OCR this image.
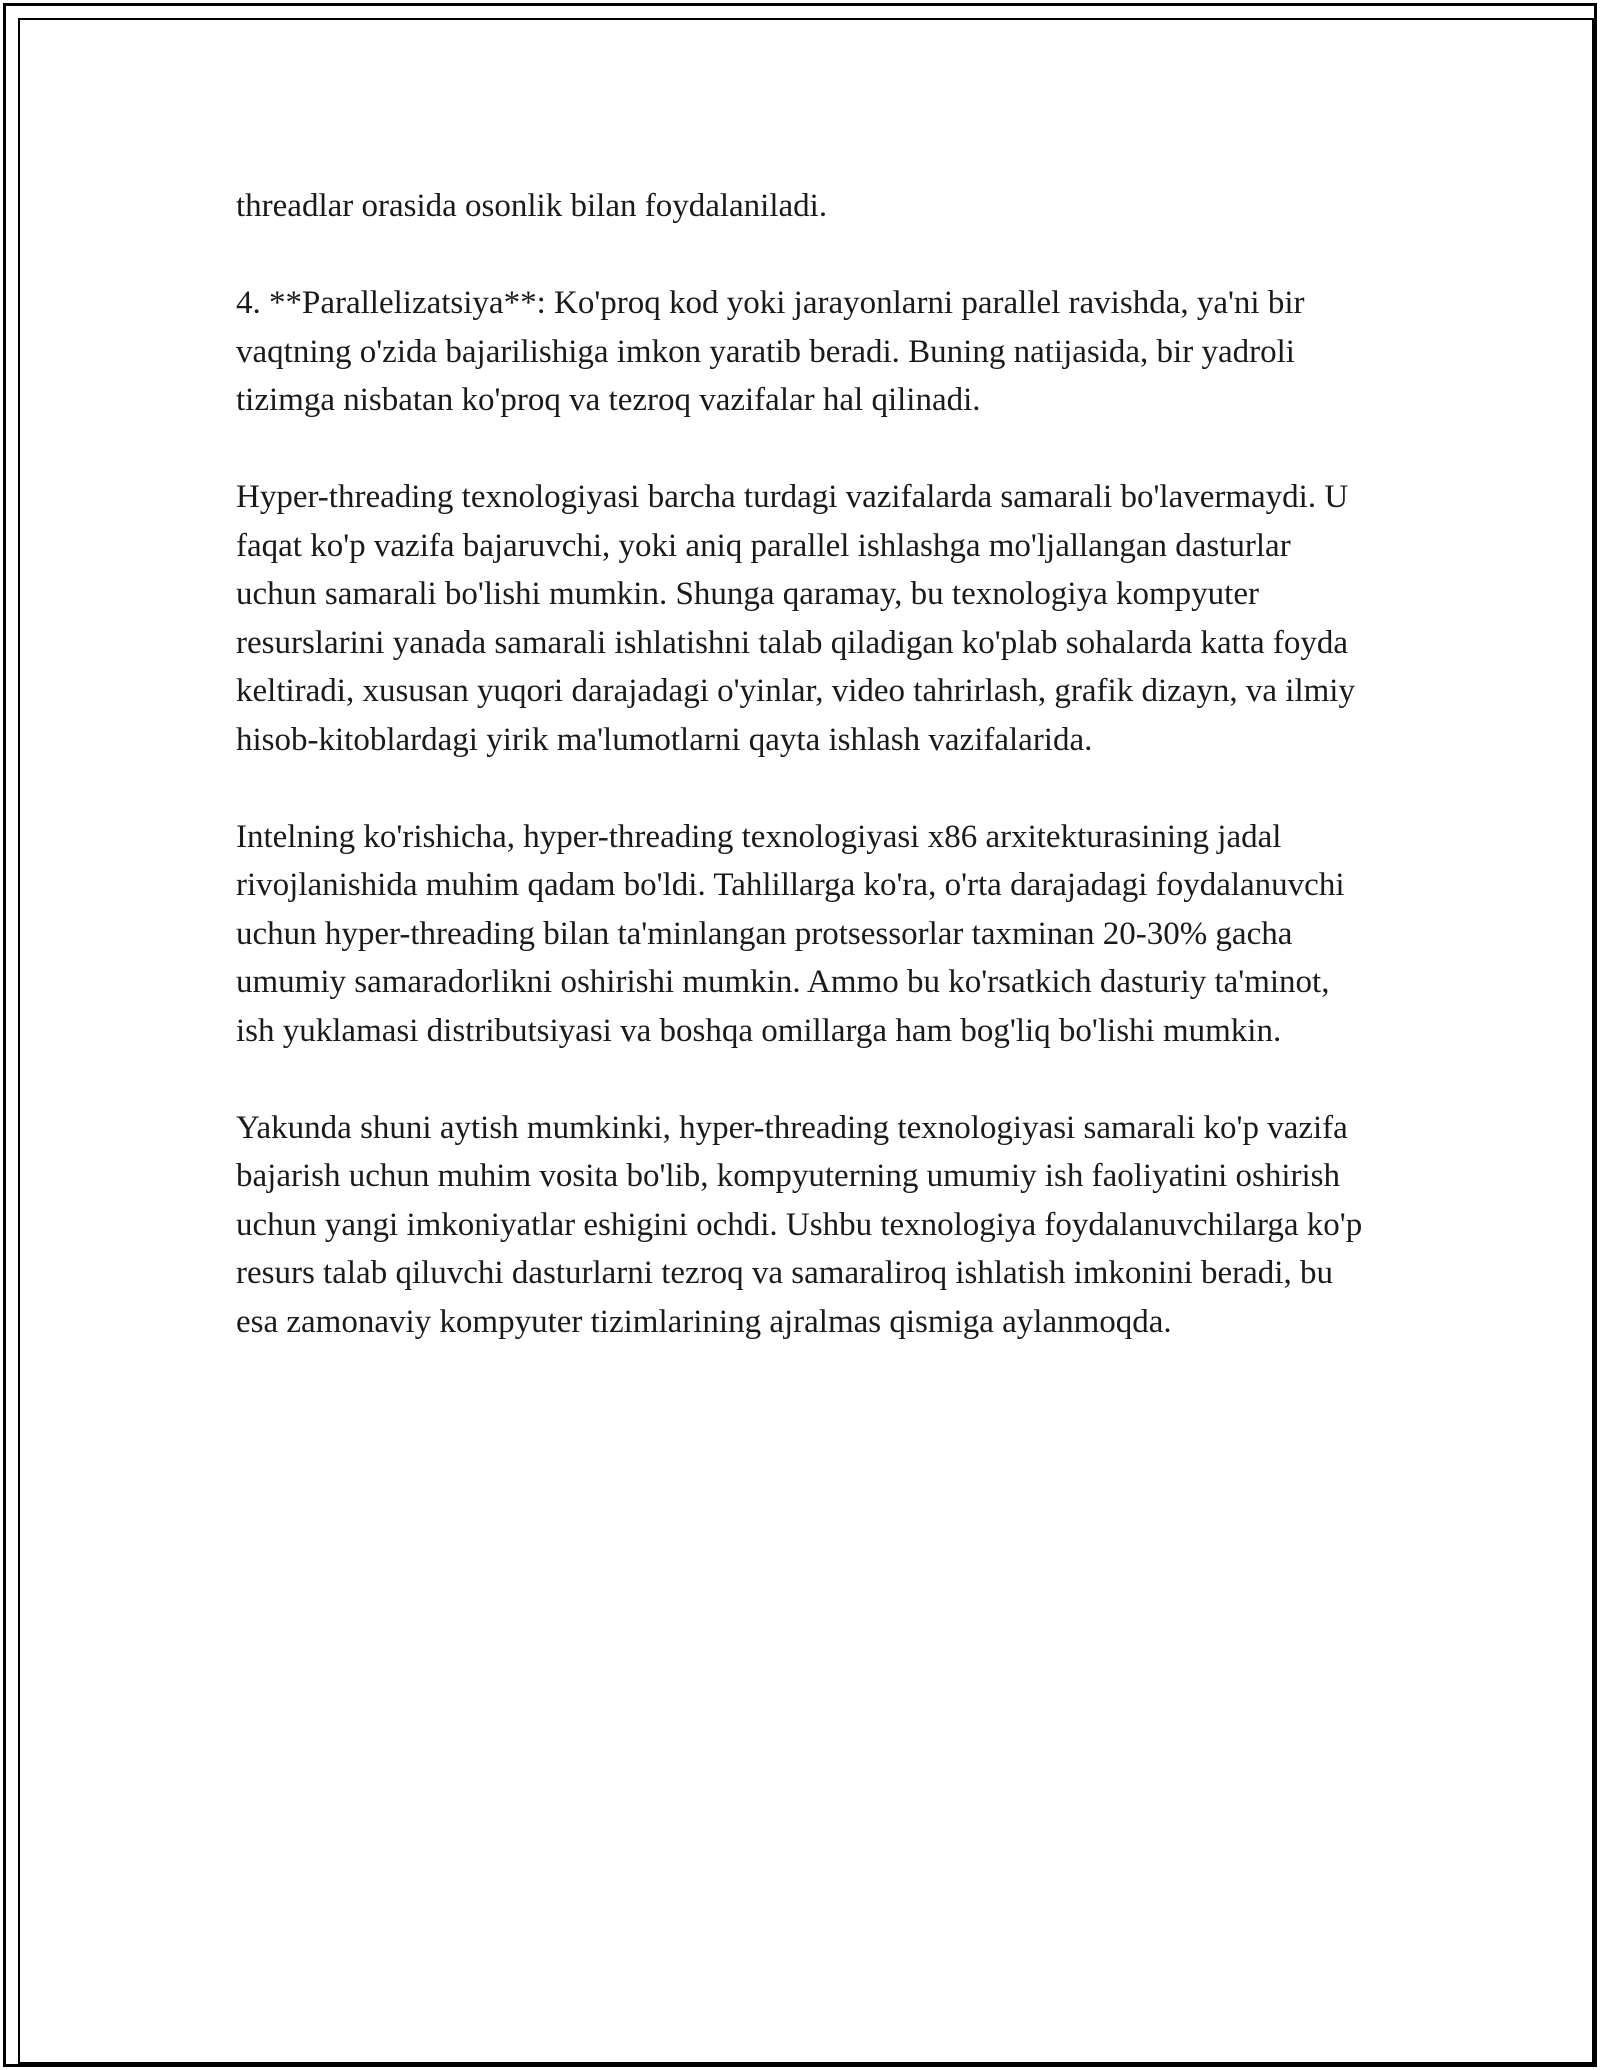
threadlar orasida osonlik bilan foydalaniladi.

4. **Parallelizatsiya**: Ko'proq kod yoki jarayonlarni parallel ravishda, ya'ni bir vaqtning o'zida bajarilishiga imkon yaratib beradi. Buning natijasida, bir yadroli tizimga nisbatan ko'proq va tezroq vazifalar hal qilinadi.

Hyper-threading texnologiyasi barcha turdagi vazifalarda samarali bo'lavermaydi. U faqat ko'p vazifa bajaruvchi, yoki aniq parallel ishlashga mo'ljallangan dasturlar uchun samarali bo'lishi mumkin. Shunga qaramay, bu texnologiya kompyuter resurslarini yanada samarali ishlatishni talab qiladigan ko'plab sohalarda katta foyda keltiradi, xususan yuqori darajadagi o'yinlar, video tahrirlash, grafik dizayn, va ilmiy hisob-kitoblardagi yirik ma'lumotlarni qayta ishlash vazifalarida.

Intelning ko'rishicha, hyper-threading texnologiyasi x86 arxitekturasining jadal rivojlanishida muhim qadam bo'ldi. Tahlillarga ko'ra, o'rta darajadagi foydalanuvchi uchun hyper-threading bilan ta'minlangan protsessorlar taxminan 20-30% gacha umumiy samaradorlikni oshirishi mumkin. Ammo bu ko'rsatkich dasturiy ta'minot, ish yuklamasi distributsiyasi va boshqa omillarga ham bog'liq bo'lishi mumkin.

Yakunda shuni aytish mumkinki, hyper-threading texnologiyasi samarali ko'p vazifa bajarish uchun muhim vosita bo'lib, kompyuterning umumiy ish faoliyatini oshirish uchun yangi imkoniyatlar eshigini ochdi. Ushbu texnologiya foydalanuvchilarga ko'p resurs talab qiluvchi dasturlarni tezroq va samaraliroq ishlatish imkonini beradi, bu esa zamonaviy kompyuter tizimlarining ajralmas qismiga aylanmoqda.
